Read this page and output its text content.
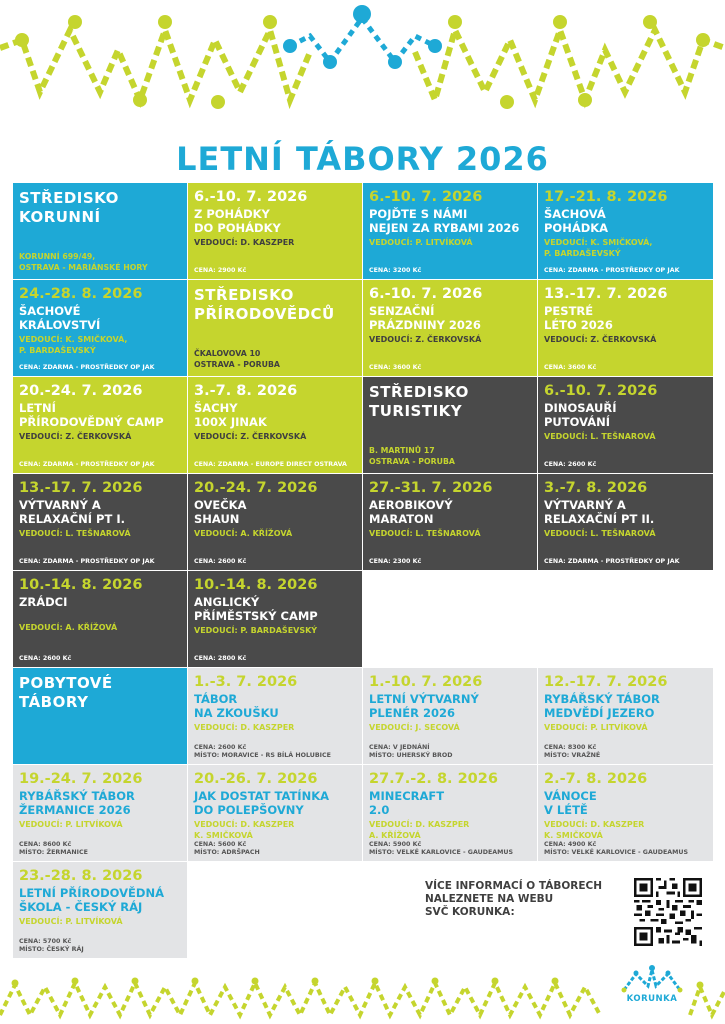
LETNÍ TÁBORY 2026
STŘEDISKO
KORUNNÍ
KORUNNÍ 699/49,
OSTRAVA - MARIÁNSKÉ HORY
6.-10. 7. 2026
Z POHÁDKY
DO POHÁDKY
VEDOUCÍ: D. KASZPER
CENA: 2900 Kč
6.-10. 7. 2026
POJĎTE S NÁMI
NEJEN ZA RYBAMI 2026
VEDOUCÍ: P. LITVÍKOVÁ
CENA: 3200 Kč
17.-21. 8. 2026
ŠACHOVÁ
POHÁDKA
VEDOUCÍ: K. SMIČKOVÁ,
P. BARDAŠEVSKÝ
CENA: ZDARMA - PROSTŘEDKY OP JAK
24.-28. 8. 2026
ŠACHOVÉ
KRÁLOVSTVÍ
VEDOUCÍ: K. SMIČKOVÁ,
P. BARDAŠEVSKÝ
CENA: ZDARMA - PROSTŘEDKY OP JAK
STŘEDISKO
PŘÍRODOVĚDCŮ
ČKALOVOVA 10
OSTRAVA - PORUBA
6.-10. 7. 2026
SENZAČNÍ
PRÁZDNINY 2026
VEDOUCÍ: Z. ČERKOVSKÁ
CENA: 3600 Kč
13.-17. 7. 2026
PESTRÉ
LÉTO 2026
VEDOUCÍ: Z. ČERKOVSKÁ
CENA: 3600 Kč
20.-24. 7. 2026
LETNÍ
PŘÍRODOVĚDNÝ CAMP
VEDOUCÍ: Z. ČERKOVSKÁ
CENA: ZDARMA - PROSTŘEDKY OP JAK
3.-7. 8. 2026
ŠACHY
100X JINAK
VEDOUCÍ: Z. ČERKOVSKÁ
CENA: ZDARMA - EUROPE DIRECT OSTRAVA
STŘEDISKO
TURISTIKY
B. MARTINŮ 17
OSTRAVA - PORUBA
6.-10. 7. 2026
DINOSAUŘÍ
PUTOVÁNÍ
VEDOUCÍ: L. TEŠNAROVÁ
CENA: 2600 Kč
13.-17. 7. 2026
VÝTVARNÝ A
RELAXAČNÍ PT I.
VEDOUCÍ: L. TEŠNAROVÁ
CENA: ZDARMA - PROSTŘEDKY OP JAK
20.-24. 7. 2026
OVEČKA
SHAUN
VEDOUCÍ: A. KŘÍŽOVÁ
CENA: 2600 Kč
27.-31. 7. 2026
AEROBIKOVÝ
MARATON
VEDOUCÍ: L. TEŠNAROVÁ
CENA: 2300 Kč
3.-7. 8. 2026
VÝTVARNÝ A
RELAXAČNÍ PT II.
VEDOUCÍ: L. TEŠNAROVÁ
CENA: ZDARMA - PROSTŘEDKY OP JAK
10.-14. 8. 2026
ZRÁDCI

VEDOUCÍ: A. KŘÍŽOVÁ
CENA: 2600 Kč
10.-14. 8. 2026
ANGLICKÝ
PŘÍMĚSTSKÝ CAMP
VEDOUCÍ: P. BARDAŠEVSKÝ
CENA: 2800 Kč
POBYTOVÉ
TÁBORY
1.-3. 7. 2026
TÁBOR
NA ZKOUŠKU
VEDOUCÍ: D. KASZPER
CENA: 2600 Kč
MÍSTO: MORAVICE - RS BÍLÁ HOLUBICE
1.-10. 7. 2026
LETNÍ VÝTVARNÝ
PLENÉR 2026
VEDOUCÍ: J. SECOVÁ
CENA: V JEDNÁNÍ
MÍSTO: UHERSKÝ BROD
12.-17. 7. 2026
RYBÁŘSKÝ TÁBOR
MEDVĚDÍ JEZERO
VEDOUCÍ: P. LITVÍKOVÁ
CENA: 8300 Kč
MÍSTO: VRAŽNÉ
19.-24. 7. 2026
RYBÁŘSKÝ TÁBOR
ŽERMANICE 2026
VEDOUCÍ: P. LITVÍKOVÁ
CENA: 8600 Kč
MÍSTO: ŽERMANICE
20.-26. 7. 2026
JAK DOSTAT TATÍNKA
DO POLEPŠOVNY
VEDOUCÍ: D. KASZPER
K. SMIČKOVÁ
CENA: 5600 Kč
MÍSTO: ADRŠPACH
27.7.-2. 8. 2026
MINECRAFT
2.0
VEDOUCÍ: D. KASZPER
A. KŘÍŽOVÁ
CENA: 5900 Kč
MÍSTO: VELKÉ KARLOVICE - GAUDEAMUS
2.-7. 8. 2026
VÁNOCE
V LÉTĚ
VEDOUCÍ: D. KASZPER
K. SMIČKOVÁ
CENA: 4900 Kč
MÍSTO: VELKÉ KARLOVICE - GAUDEAMUS
23.-28. 8. 2026
LETNÍ PŘÍRODOVĚDNÁ
ŠKOLA - ČESKÝ RÁJ
VEDOUCÍ: P. LITVÍKOVÁ
CENA: 5700 Kč
MÍSTO: ČESKÝ RÁJ
VÍCE INFORMACÍ O TÁBORECH
NALEZNETE NA WEBU
SVČ KORUNKA:
KORUNKA
